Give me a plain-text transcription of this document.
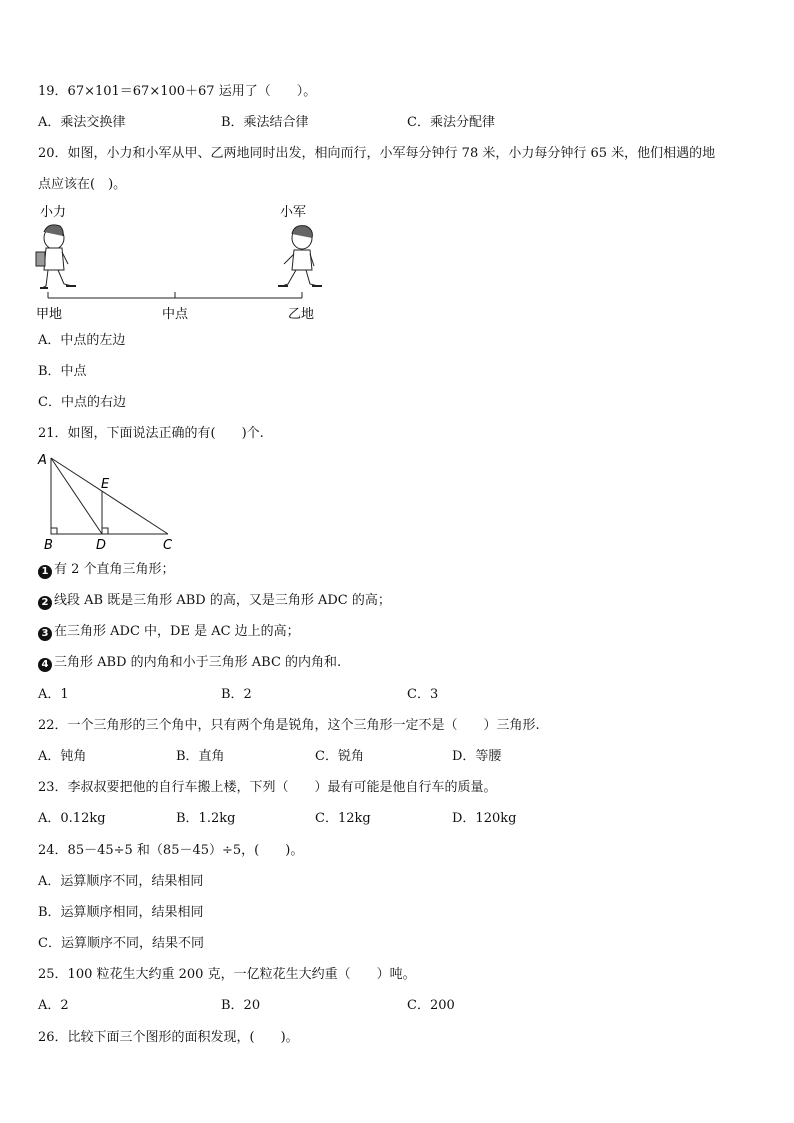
19．67×101＝67×100＋67 运用了（　　）。
A．乘法交换律	B．乘法结合律	C．乘法分配律
20．如图，小力和小军从甲、乙两地同时出发，相向而行，小军每分钟行 78 米，小力每分钟行 65 米，他们相遇的地
点应该在(　)。
小力	小军
甲地	中点	乙地
A．中点的左边
B．中点
C．中点的右边
21．如图，下面说法正确的有(　　)个.
A
B	D	C
E
1 有 2 个直角三角形；
2 线段 AB 既是三角形 ABD 的高，又是三角形 ADC 的高；
3 在三角形 ADC 中，DE 是 AC 边上的高；
4 三角形 ABD 的内角和小于三角形 ABC 的内角和.
A．1	B．2	C．3
22．一个三角形的三个角中，只有两个角是锐角，这个三角形一定不是（　　）三角形.
A．钝角	B．直角	C．锐角	D．等腰
23．李叔叔要把他的自行车搬上楼，下列（　　）最有可能是他自行车的质量。
A．0.12kg	B．1.2kg	C．12kg	D．120kg
24．85－45÷5 和（85－45）÷5，(　　)。
A．运算顺序不同，结果相同
B．运算顺序相同，结果相同
C．运算顺序不同，结果不同
25．100 粒花生大约重 200 克，一亿粒花生大约重（　　）吨。
A．2	B．20	C．200
26．比较下面三个图形的面积发现，(　　)。
